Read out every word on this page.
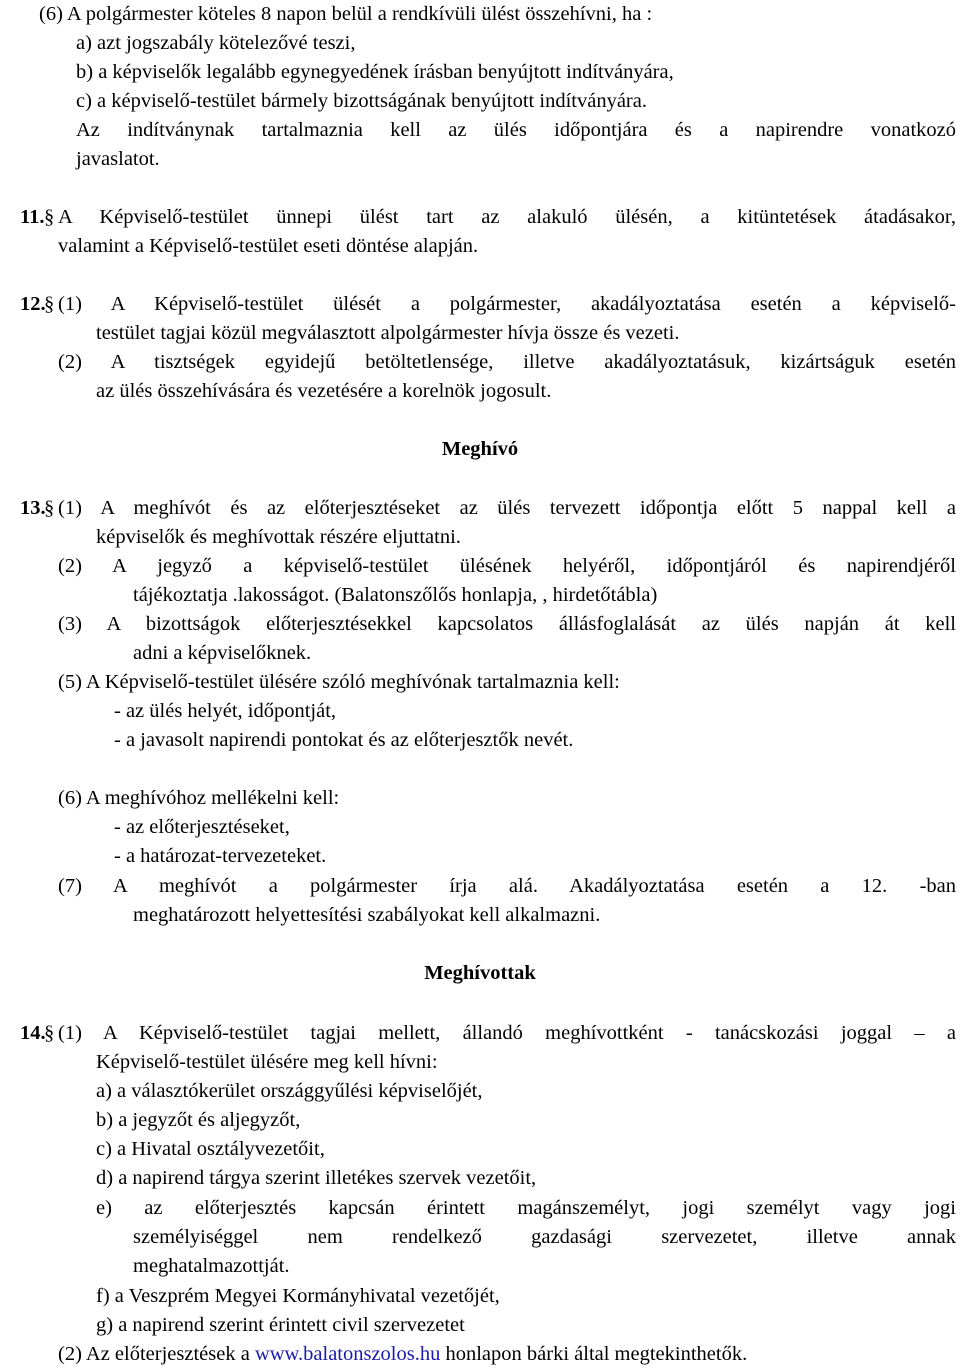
(6) A polgármester köteles 8 napon belül a rendkívüli ülést összehívni, ha :
a) azt jogszabály kötelezővé teszi,
b) a képviselők legalább egynegyedének írásban benyújtott indítványára,
c) a képviselő-testület bármely bizottságának benyújtott indítványára.
Az indítványnak tartalmaznia kell az ülés időpontjára és a napirendre vonatkozó
javaslatot.
11. § A Képviselő-testület ünnepi ülést tart az alakuló ülésén, a kitüntetések átadásakor,
valamint a Képviselő-testület eseti döntése alapján.
12.
§ (1) A Képviselő-testület ülését a polgármester, akadályoztatása esetén a képviselő-
testület tagjai közül megválasztott alpolgármester hívja össze és vezeti.
(2) A tisztségek egyidejű betöltetlensége, illetve akadályoztatásuk, kizártságuk esetén
az ülés összehívására és vezetésére a korelnök jogosult.
Meghívó
13.
§ (1) A meghívót és az előterjesztéseket az ülés tervezett időpontja előtt 5 nappal kell a
képviselők és meghívottak részére eljuttatni.
(2) A jegyző a képviselő-testület ülésének helyéről, időpontjáról és napirendjéről
tájékoztatja .lakosságot. (Balatonszőlős honlapja, , hirdetőtábla)
(3) A bizottságok előterjesztésekkel kapcsolatos állásfoglalását az ülés napján át kell
adni a képviselőknek.
(5) A Képviselő-testület ülésére szóló meghívónak tartalmaznia kell:
- az ülés helyét, időpontját,
- a javasolt napirendi pontokat és az előterjesztők nevét.
(6) A meghívóhoz mellékelni kell:
- az előterjesztéseket,
- a határozat-tervezeteket.
(7) A meghívót a polgármester írja alá. Akadályoztatása esetén a 12. -ban
meghatározott helyettesítési szabályokat kell alkalmazni.
Meghívottak
14.
§ (1) A Képviselő-testület tagjai mellett, állandó meghívottként - tanácskozási joggal – a
Képviselő-testület ülésére meg kell hívni:
a) a választókerület országgyűlési képviselőjét,
b) a jegyzőt és aljegyzőt,
c) a Hivatal osztályvezetőit,
d) a napirend tárgya szerint illetékes szervek vezetőit,
e) az előterjesztés kapcsán érintett magánszemélyt, jogi személyt vagy jogi
személyiséggel nem rendelkező gazdasági szervezetet, illetve annak
meghatalmazottját.
f) a Veszprém Megyei Kormányhivatal vezetőjét,
g) a napirend szerint érintett civil szervezetet
(2) Az előterjesztések a www.balatonszolos.hu honlapon bárki által megtekinthetők.
